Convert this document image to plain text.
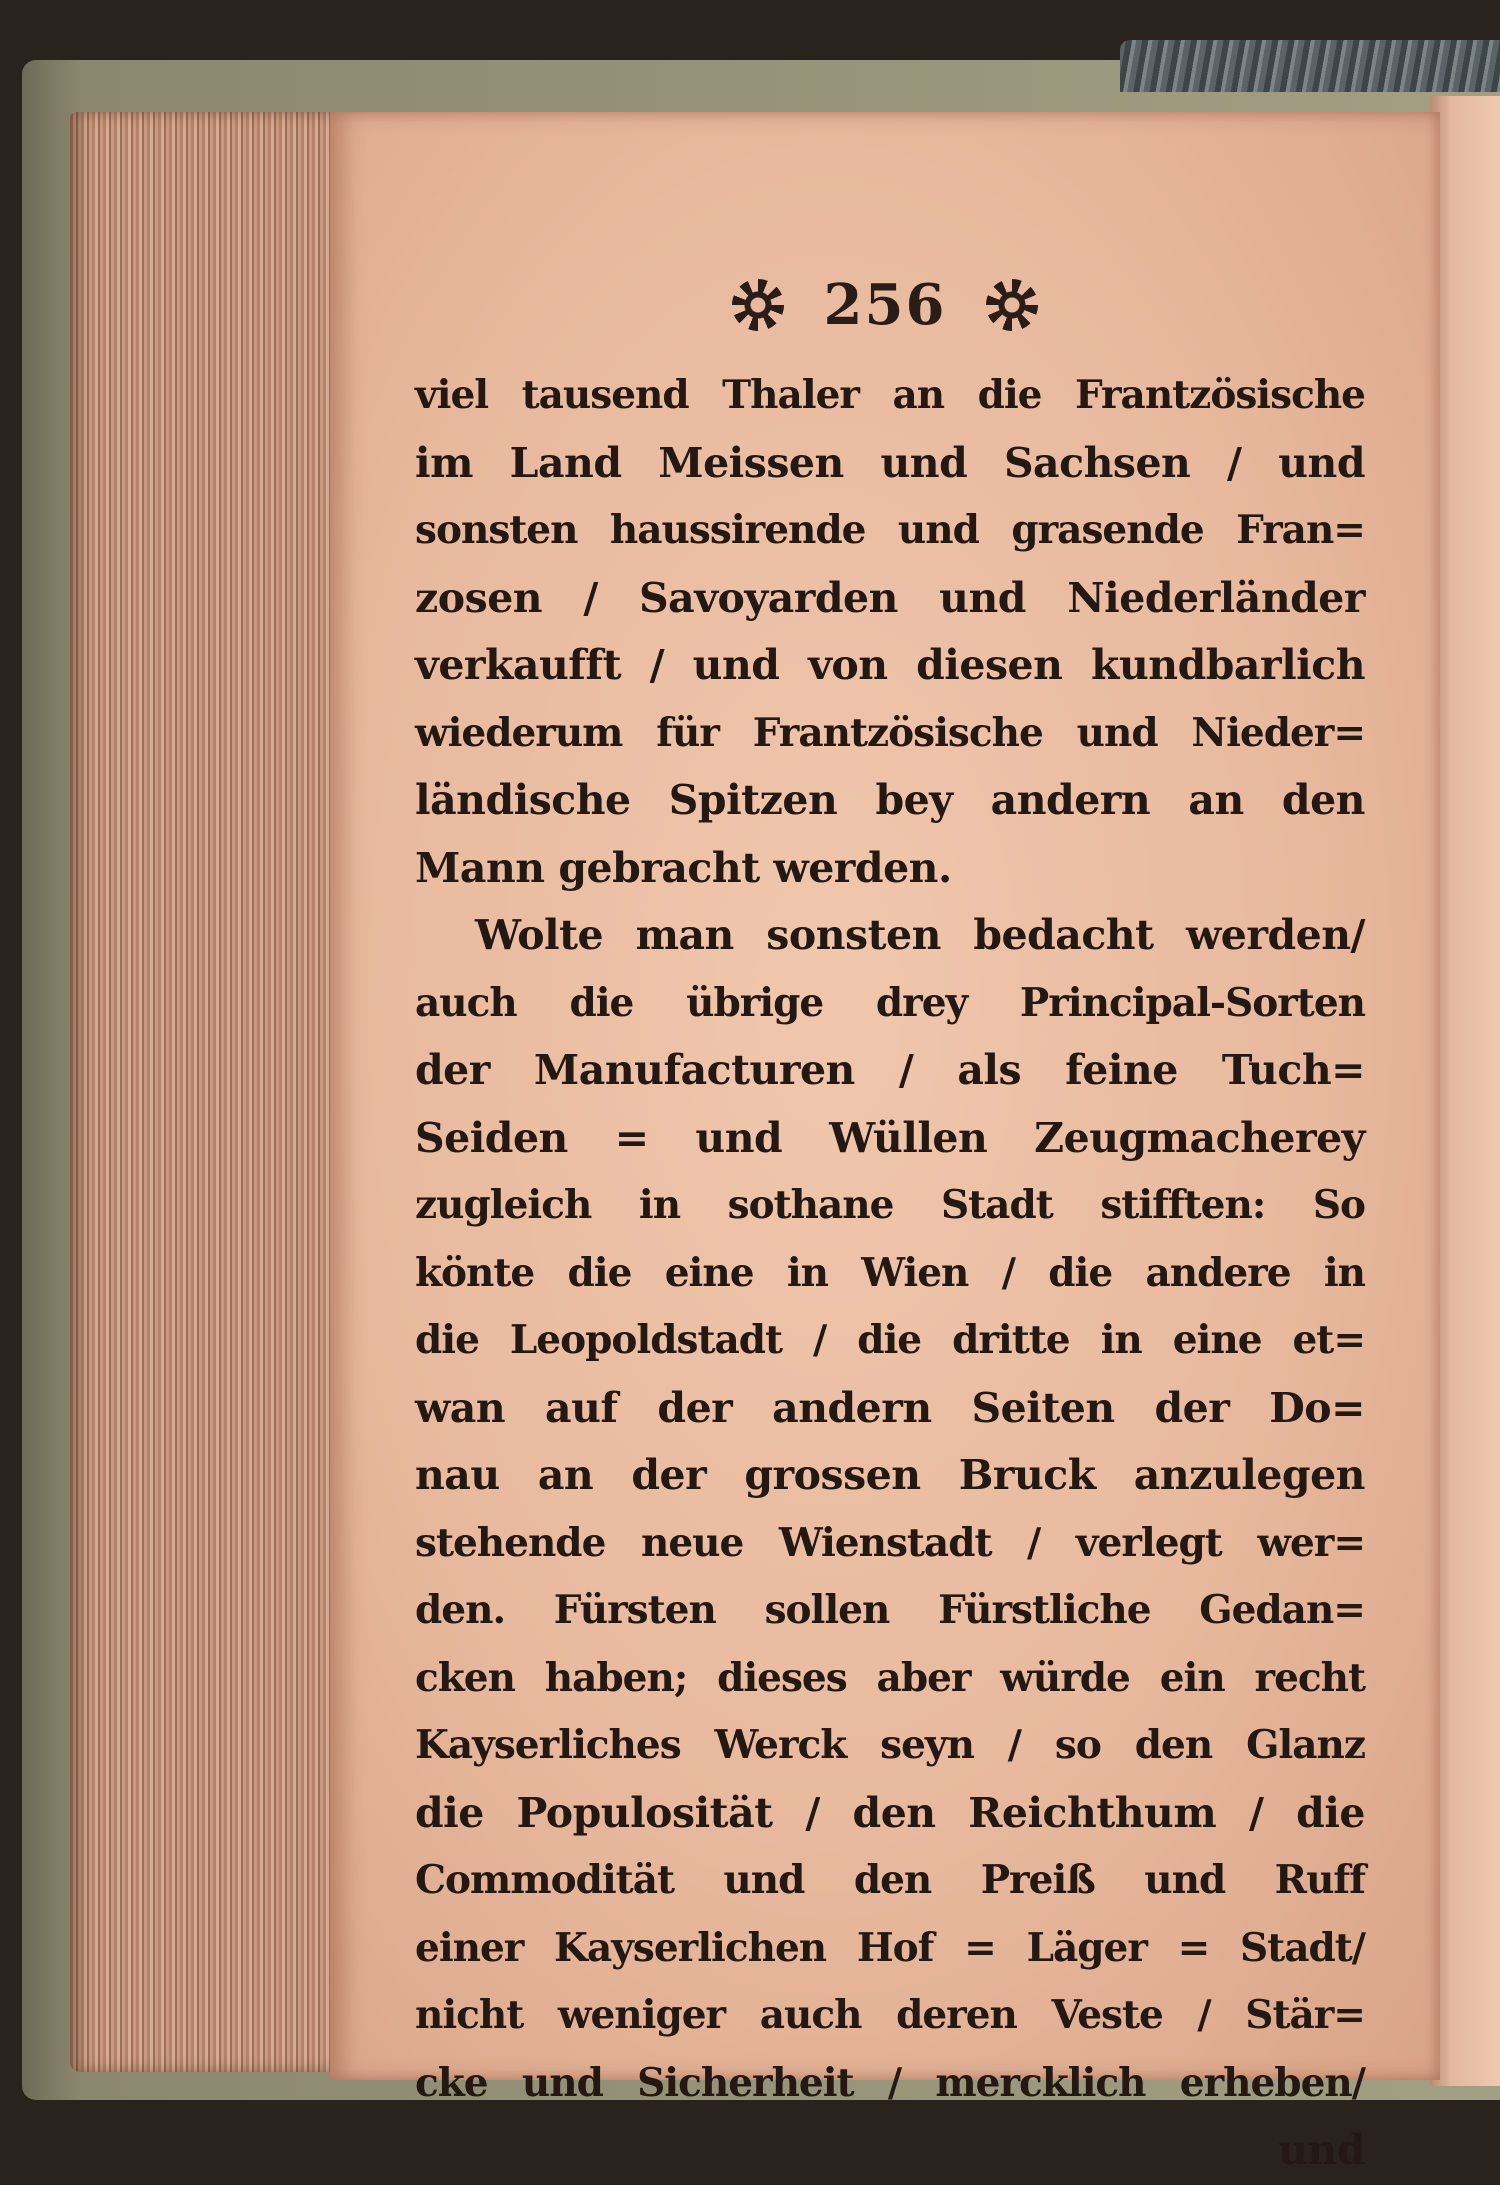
256
viel tausend Thaler an die Frantzösische
im Land Meissen und Sachsen / und
sonsten haussirende und grasende Fran=
zosen / Savoyarden und Niederländer
verkaufft / und von diesen kundbarlich
wiederum für Frantzösische und Nieder=
ländische Spitzen bey andern an den
Mann gebracht werden.
Wolte man sonsten bedacht werden/
auch die übrige drey Principal-Sorten
der Manufacturen / als feine Tuch=
Seiden = und Wüllen Zeugmacherey
zugleich in sothane Stadt stifften: So
könte die eine in Wien / die andere in
die Leopoldstadt / die dritte in eine et=
wan auf der andern Seiten der Do=
nau an der grossen Bruck anzulegen
stehende neue Wienstadt / verlegt wer=
den. Fürsten sollen Fürstliche Gedan=
cken haben; dieses aber würde ein recht
Kayserliches Werck seyn / so den Glanz
die Populosität / den Reichthum / die
Commodität und den Preiß und Ruff
einer Kayserlichen Hof = Läger = Stadt/
nicht weniger auch deren Veste / Stär=
cke und Sicherheit / mercklich erheben/
und
